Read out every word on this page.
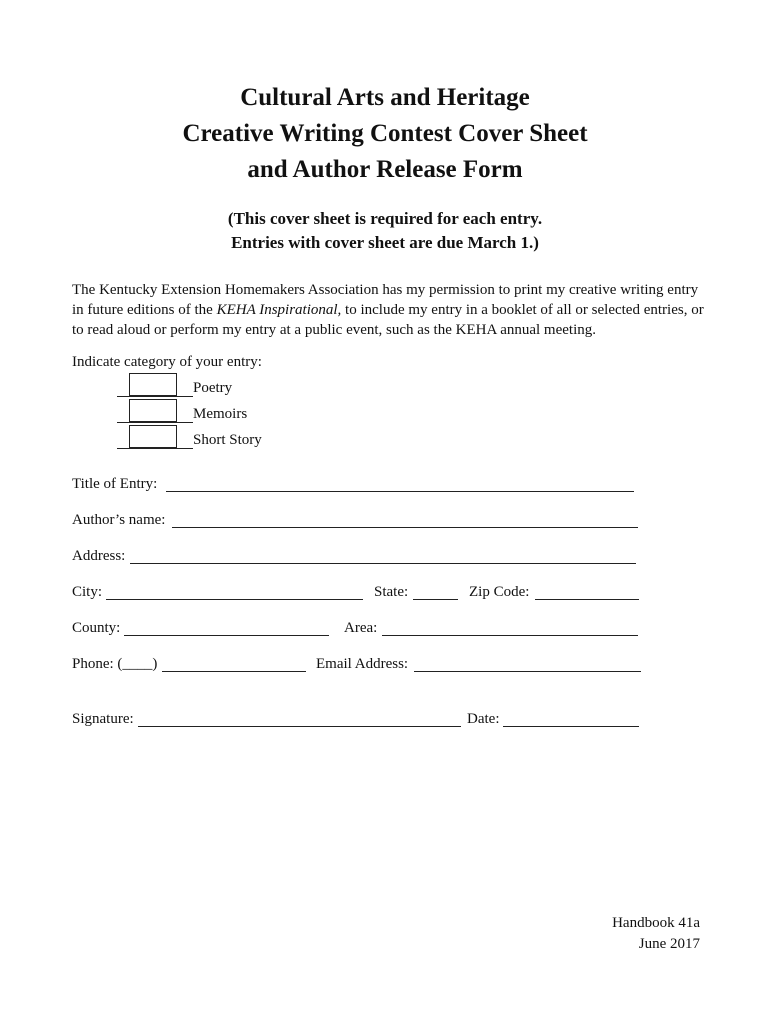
Cultural Arts and Heritage
Creative Writing Contest Cover Sheet
and Author Release Form
(This cover sheet is required for each entry.
Entries with cover sheet are due March 1.)
The Kentucky Extension Homemakers Association has my permission to print my creative writing entry in future editions of the KEHA Inspirational, to include my entry in a booklet of all or selected entries, or to read aloud or perform my entry at a public event, such as the KEHA annual meeting.
Indicate category of your entry:
Poetry
Memoirs
Short Story
Title of Entry:
Author’s name:
Address:
City:	State:	Zip Code:
County:	Area:
Phone: (____)	Email Address:
Signature:	Date:
Handbook 41a
June 2017
